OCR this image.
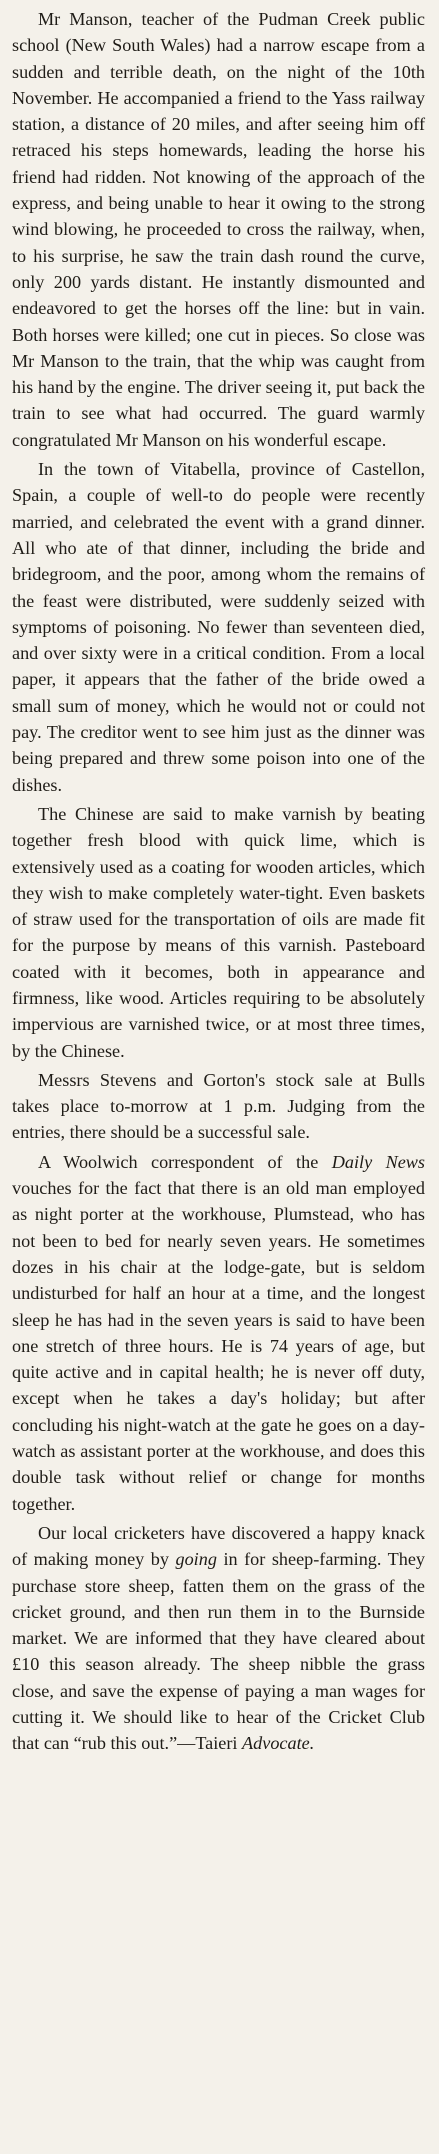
Mr Manson, teacher of the Pudman Creek public school (New South Wales) had a narrow escape from a sudden and terrible death, on the night of the 10th November. He accompanied a friend to the Yass railway station, a distance of 20 miles, and after seeing him off retraced his steps homewards, leading the horse his friend had ridden. Not knowing of the approach of the express, and being unable to hear it owing to the strong wind blowing, he proceeded to cross the railway, when, to his surprise, he saw the train dash round the curve, only 200 yards distant. He instantly dismounted and endeavored to get the horses off the line: but in vain. Both horses were killed; one cut in pieces. So close was Mr Manson to the train, that the whip was caught from his hand by the engine. The driver seeing it, put back the train to see what had occurred. The guard warmly congratulated Mr Manson on his wonderful escape.

In the town of Vitabella, province of Castellon, Spain, a couple of well-to do people were recently married, and celebrated the event with a grand dinner. All who ate of that dinner, including the bride and bridegroom, and the poor, among whom the remains of the feast were distributed, were suddenly seized with symptoms of poisoning. No fewer than seventeen died, and over sixty were in a critical condition. From a local paper, it appears that the father of the bride owed a small sum of money, which he would not or could not pay. The creditor went to see him just as the dinner was being prepared and threw some poison into one of the dishes.

The Chinese are said to make varnish by beating together fresh blood with quick lime, which is extensively used as a coating for wooden articles, which they wish to make completely water-tight. Even baskets of straw used for the transportation of oils are made fit for the purpose by means of this varnish. Pasteboard coated with it becomes, both in appearance and firmness, like wood. Articles requiring to be absolutely impervious are varnished twice, or at most three times, by the Chinese.

Messrs Stevens and Gorton's stock sale at Bulls takes place to-morrow at 1 p.m. Judging from the entries, there should be a successful sale.

A Woolwich correspondent of the Daily News vouches for the fact that there is an old man employed as night porter at the workhouse, Plumstead, who has not been to bed for nearly seven years. He sometimes dozes in his chair at the lodge-gate, but is seldom undisturbed for half an hour at a time, and the longest sleep he has had in the seven years is said to have been one stretch of three hours. He is 74 years of age, but quite active and in capital health; he is never off duty, except when he takes a day's holiday; but after concluding his night-watch at the gate he goes on a day-watch as assistant porter at the workhouse, and does this double task without relief or change for months together.

Our local cricketers have discovered a happy knack of making money by going in for sheep-farming. They purchase store sheep, fatten them on the grass of the cricket ground, and then run them in to the Burnside market. We are informed that they have cleared about £10 this season already. The sheep nibble the grass close, and save the expense of paying a man wages for cutting it. We should like to hear of the Cricket Club that can “rub this out.”—Taieri Advocate.
